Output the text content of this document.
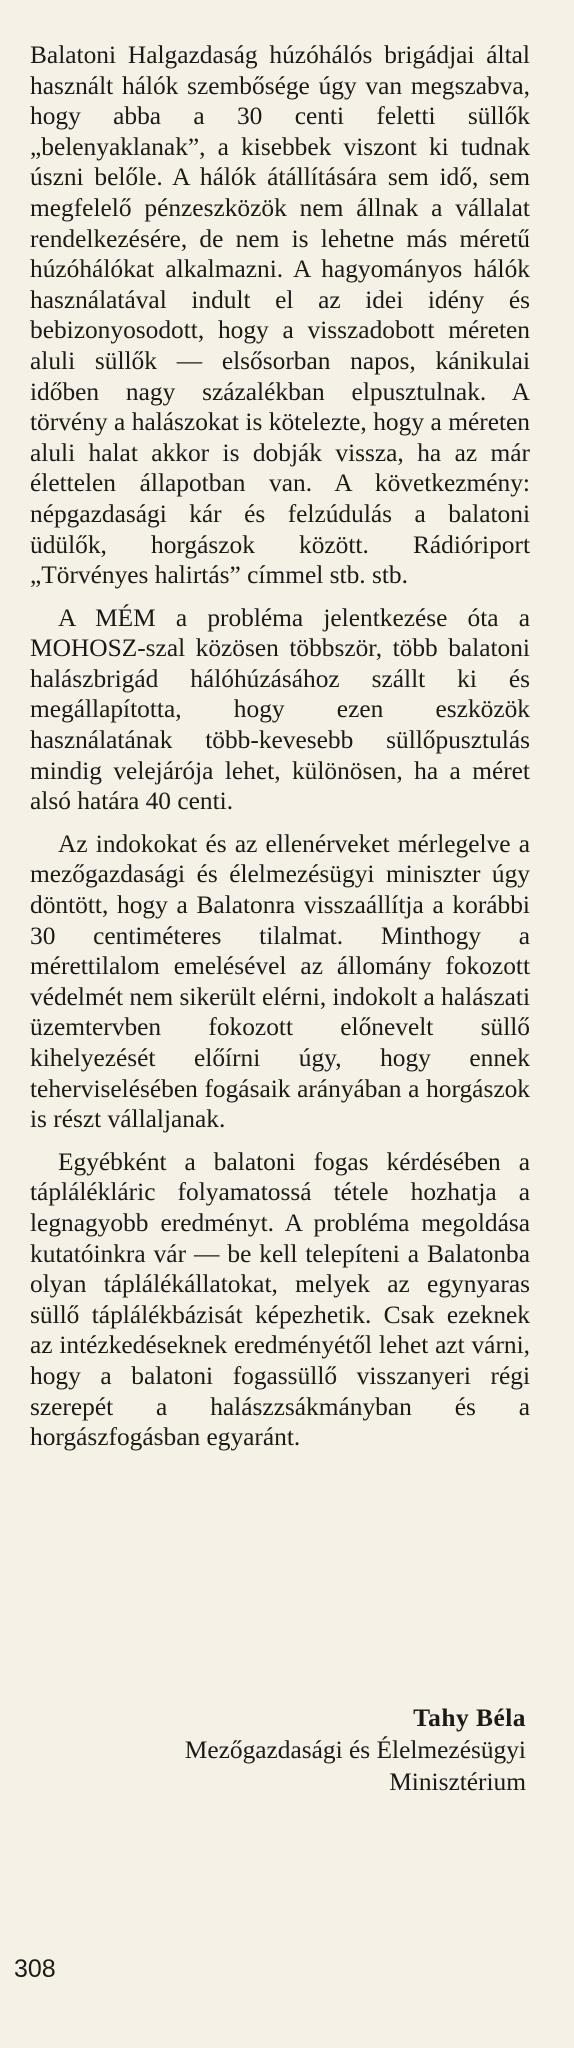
Balatoni Halgazdaság húzóhálós brigádjai által használt hálók szembősége úgy van megszabva, hogy abba a 30 centi feletti süllők „belenyaklanak”, a kisebbek viszont ki tudnak úszni belőle. A hálók átállítására sem idő, sem megfelelő pénzeszközök nem állnak a vállalat rendelkezésére, de nem is lehetne más méretű húzóhálókat alkalmazni. A hagyományos hálók használatával indult el az idei idény és bebizonyosodott, hogy a visszadobott méreten aluli süllők — elsősorban napos, kánikulai időben nagy százalékban elpusztulnak. A törvény a halászokat is kötelezte, hogy a méreten aluli halat akkor is dobják vissza, ha az már élettelen állapotban van. A következmény: népgazdasági kár és felzúdulás a balatoni üdülők, horgászok között. Rádióriport „Törvényes halirtás” címmel stb. stb.

A MÉM a probléma jelentkezése óta a MOHOSZ-szal közösen többször, több balatoni halászbrigád hálóhúzásához szállt ki és megállapította, hogy ezen eszközök használatának több-kevesebb süllőpusztulás mindig velejárója lehet, különösen, ha a méret alsó határa 40 centi.

Az indokokat és az ellenérveket mérlegelve a mezőgazdasági és élelmezésügyi miniszter úgy döntött, hogy a Balatonra visszaállítja a korábbi 30 centiméteres tilalmat. Minthogy a mérettilalom emelésével az állomány fokozott védelmét nem sikerült elérni, indokolt a halászati üzemtervben fokozott előnevelt süllő kihelyezését előírni úgy, hogy ennek teherviselésében fogásaik arányában a horgászok is részt vállaljanak.

Egyébként a balatoni fogas kérdésében a táplálékláric folyamatossá tétele hozhatja a legnagyobb eredményt. A probléma megoldása kutatóinkra vár — be kell telepíteni a Balatonba olyan táplálékállatokat, melyek az egynyaras süllő táplálékbázisát képezhetik. Csak ezeknek az intézkedéseknek eredményétől lehet azt várni, hogy a balatoni fogassüllő visszanyeri régi szerepét a halászzsákmányban és a horgászfogásban egyaránt.

Tahy Béla
Mezőgazdasági és Élelmezésügyi
Minisztérium
308
